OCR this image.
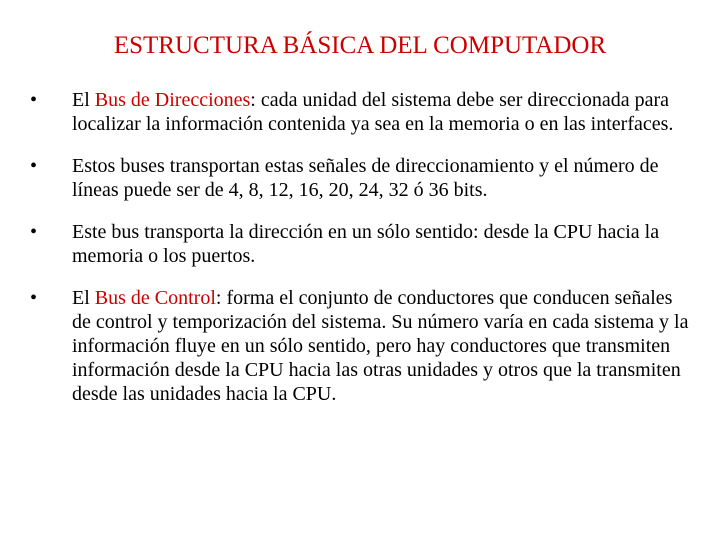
ESTRUCTURA BÁSICA DEL COMPUTADOR
•	El Bus de Direcciones: cada unidad del sistema debe ser direccionada para localizar la información contenida ya sea en la memoria o en las interfaces.
•	Estos buses transportan estas señales de direccionamiento y el número de líneas puede ser de 4, 8, 12, 16, 20, 24, 32 ó 36 bits.
•	Este bus transporta la dirección en un sólo sentido: desde la CPU hacia la memoria o los puertos.
•	El Bus de Control: forma el conjunto de conductores que conducen señales de control y temporización del sistema. Su número varía en cada sistema y la información fluye en un sólo sentido, pero hay conductores que transmiten información desde la CPU hacia las otras unidades y otros que la transmiten desde las unidades hacia la CPU.
